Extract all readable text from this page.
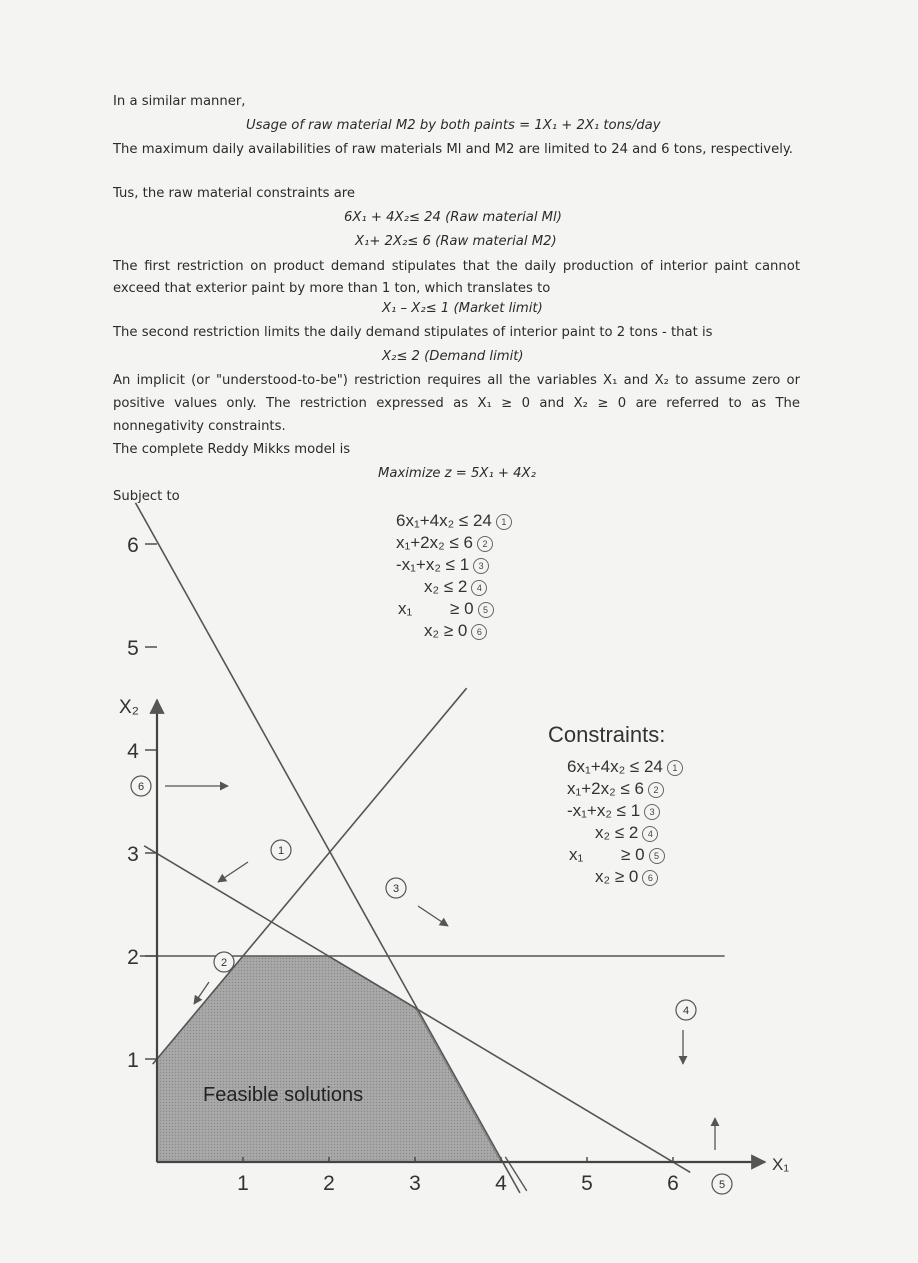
In a similar manner,
Usage of raw material M2 by both paints = 1X₁ + 2X₁ tons/day
The maximum daily availabilities of raw materials Ml and M2 are limited to 24 and 6 tons, respectively.
Tus, the raw material constraints are
6X₁ + 4X₂≤ 24 (Raw material Ml)
X₁+ 2X₂≤ 6 (Raw material M2)
The first restriction on product demand stipulates that the daily production of interior paint cannot exceed that exterior paint by more than 1 ton, which translates to
X₁ – X₂≤ 1 (Market limit)
The second restriction limits the daily demand stipulates of interior paint to 2 tons - that is
X₂≤ 2 (Demand limit)
An implicit (or "understood-to-be") restriction requires all the variables X₁ and X₂ to assume zero or positive values only. The restriction expressed as X₁ ≥ 0 and X₂ ≥ 0 are referred to as The nonnegativity constraints.
The complete Reddy Mikks model is
Maximize z = 5X₁ + 4X₂
Subject to
6x₁+4x₂ ≤ 24 1
x₁+2x₂ ≤ 6 2
-x₁+x₂ ≤ 1 3
x₂ ≤ 2 4
x₁        ≥ 0 5
x₂ ≥ 0 6
Feasible solutions
X₁
X₂
1	2	3	4	5	6
1
2
3
4
5
6
1
2
3
4
5
6
Constraints:
6x₁+4x₂ ≤ 24 1
x₁+2x₂ ≤ 6 2
-x₁+x₂ ≤ 1 3
x₂ ≤ 2 4
x₁        ≥ 0 5
x₂ ≥ 0 6
